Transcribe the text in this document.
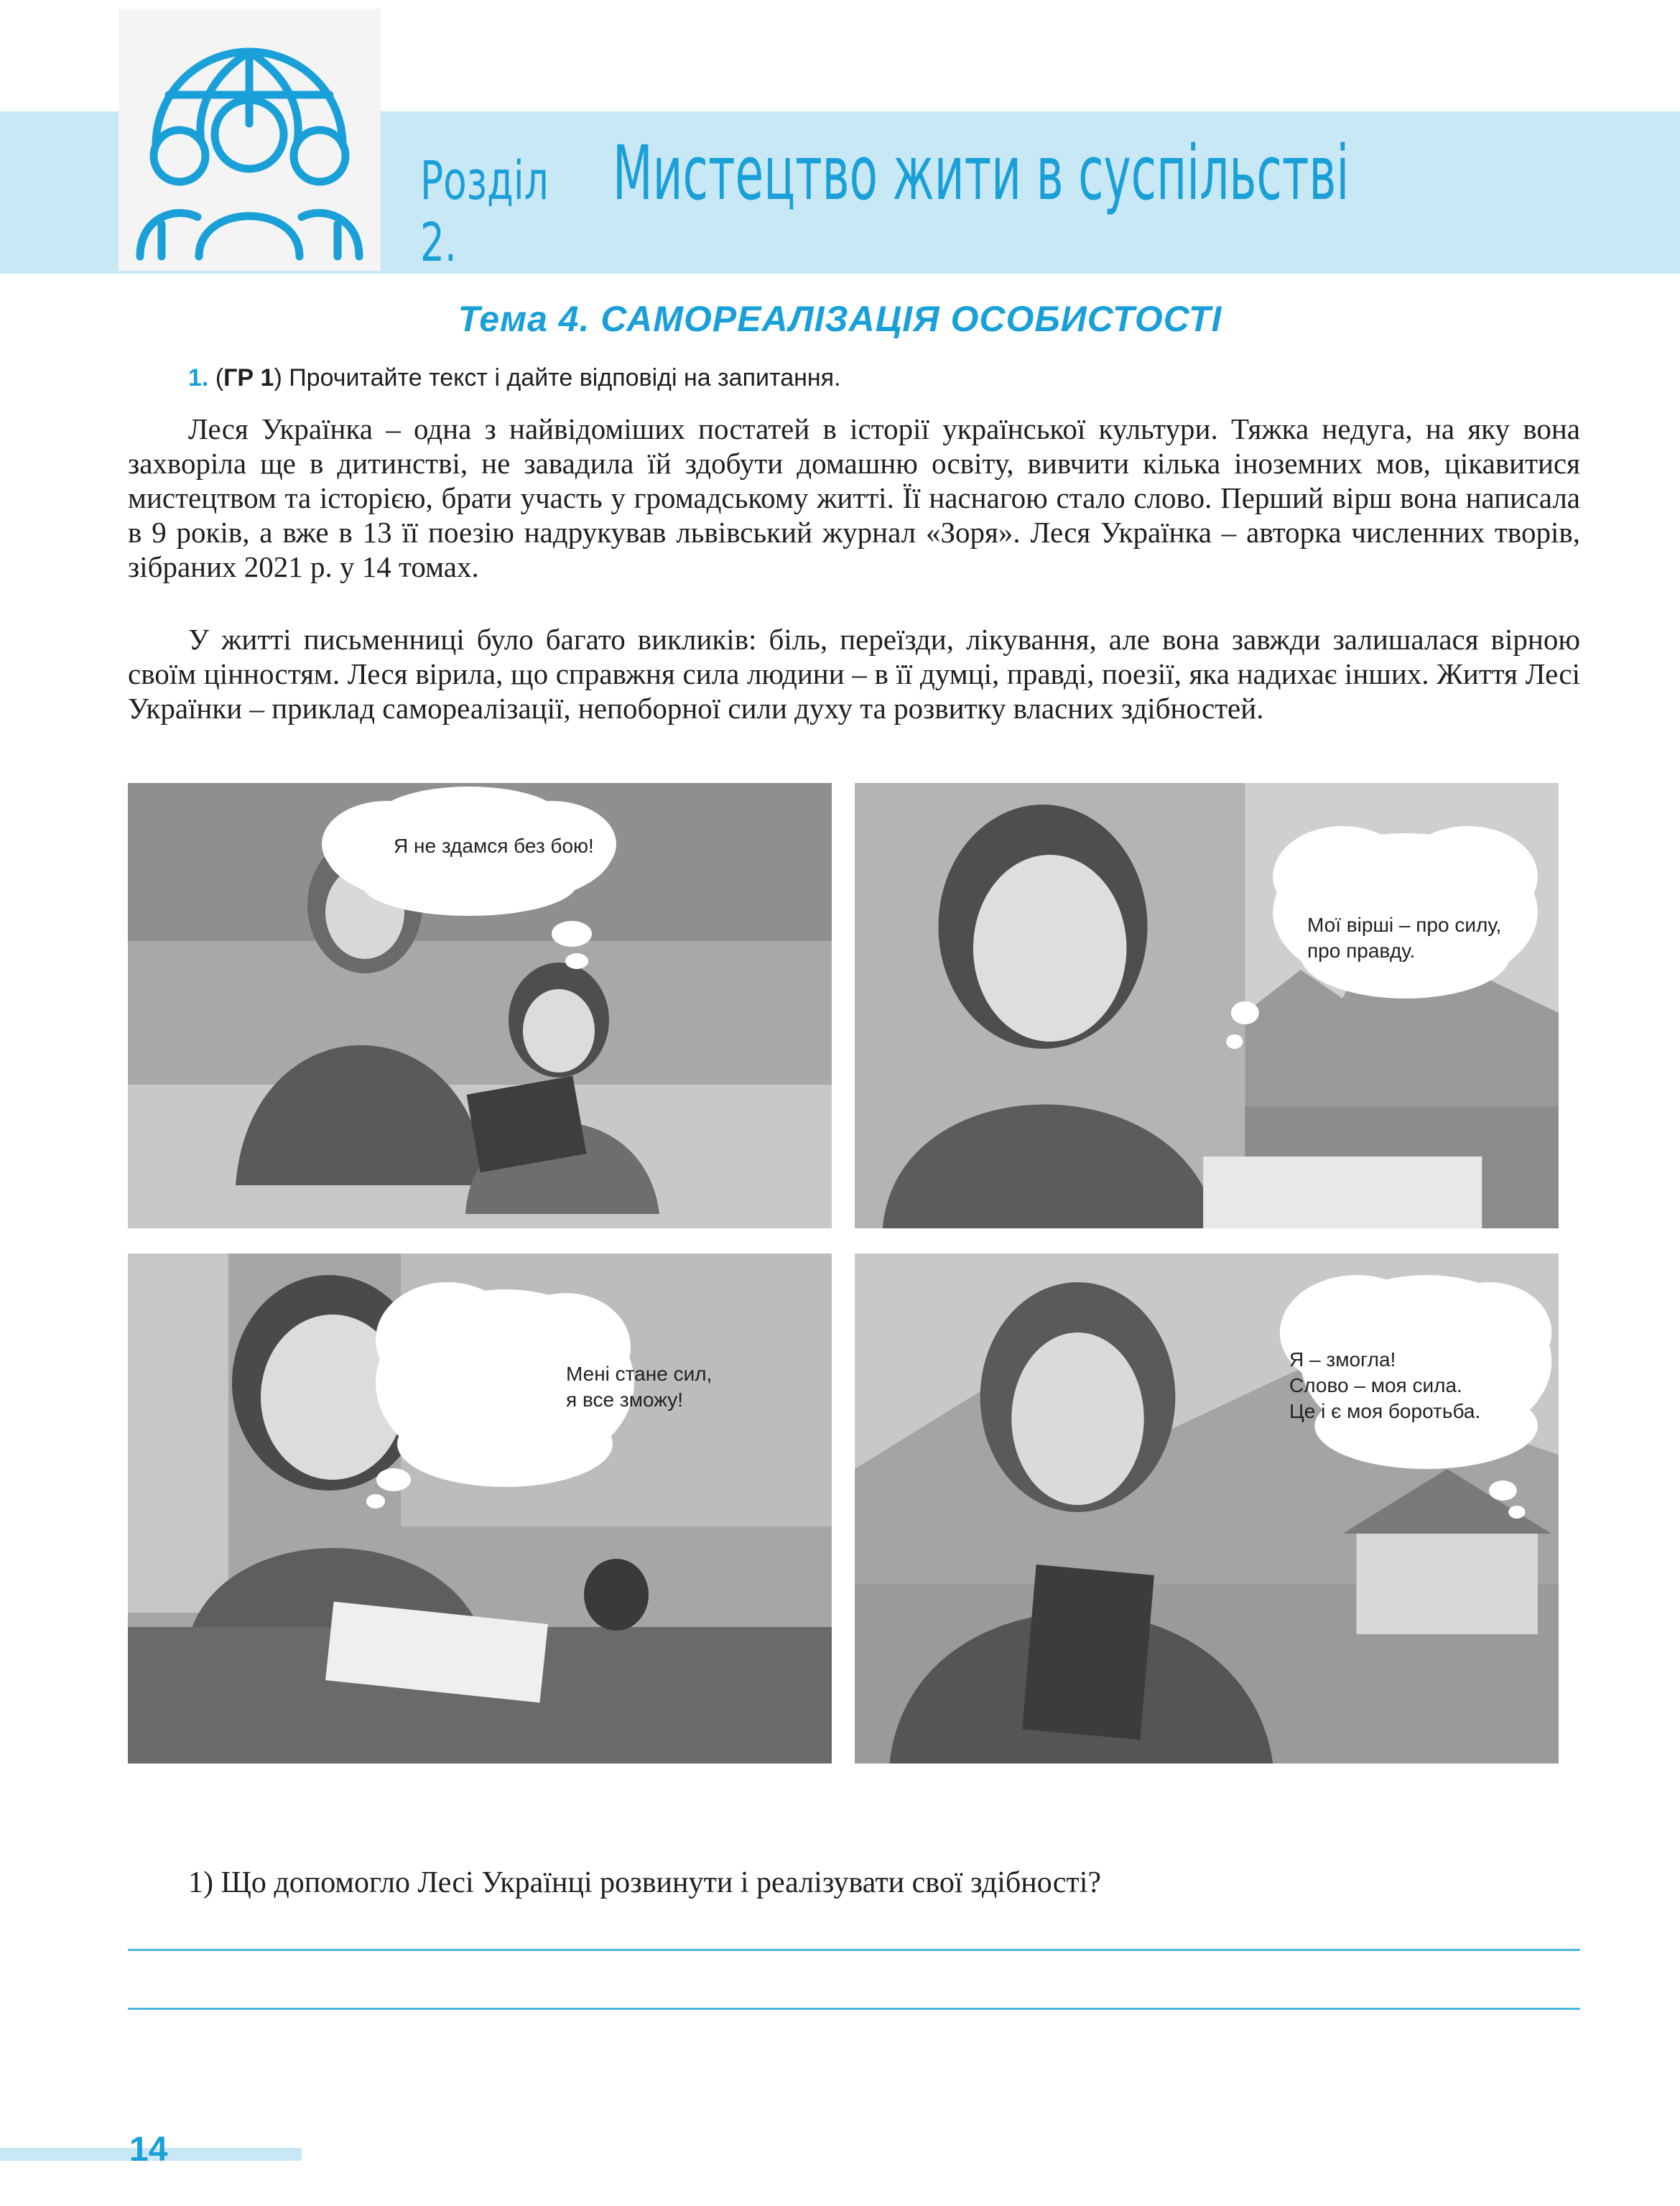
Розділ 2.
Мистецтво жити в суспільстві
Тема 4. САМОРЕАЛІЗАЦІЯ ОСОБИСТОСТІ
1. (ГР 1) Прочитайте текст і дайте відповіді на запитання.

Леся Українка – одна з найвідоміших постатей в історії української культури. Тяжка недуга, на яку вона захворіла ще в дитинстві, не завадила їй здобути домашню освіту, вивчити кілька іноземних мов, цікавитися мистецтвом та історією, брати участь у громадському житті. Її наснагою стало слово. Перший вірш вона написала в 9 років, а вже в 13 її поезію надрукував львівський журнал «Зоря». Леся Українка – авторка численних творів, зібраних 2021 р. у 14 томах.

У житті письменниці було багато викликів: біль, переїзди, лікування, але вона завжди залишалася вірною своїм цінностям. Леся вірила, що справжня сила людини – в її думці, правді, поезії, яка надихає інших. Життя Лесі Українки – приклад самореалізації, непоборної сили духу та розвитку власних здібностей.

Я не здамся без бою!
Мої вірші – про силу,
про правду.
Мені стане сил,
я все зможу!
Я – змогла!
Слово – моя сила.
Це і є моя боротьба.
1) Що допомогло Лесі Українці розвинути і реалізувати свої здібності?
14
